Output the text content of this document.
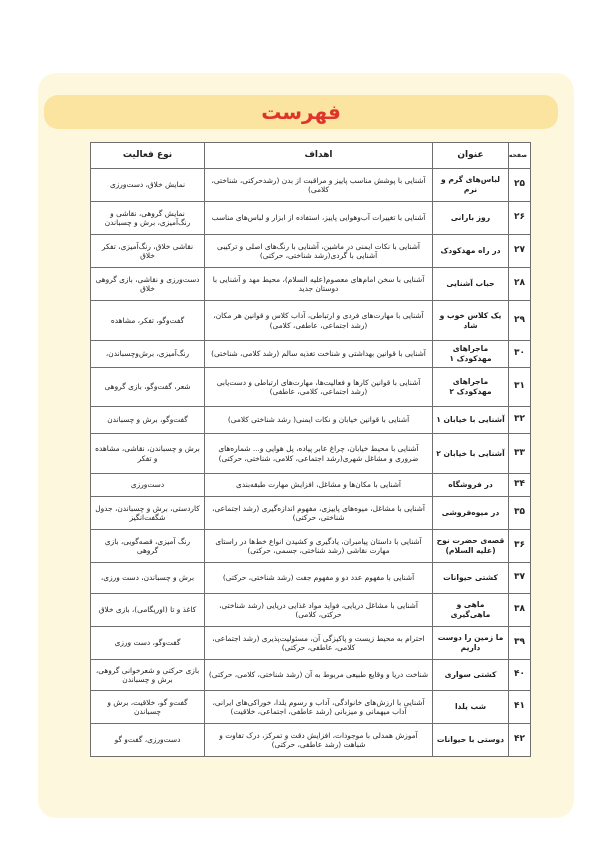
فهرست
صفحه	عنوان	اهداف	نوع فعالیت
۲۵	لباس‌های گرم و نرم	آشنایی با پوشش مناسب پاییز و مراقبت از بدن (رشدحرکتی، شناختی، کلامی)	نمایش خلاق، دست‌ورزی
۲۶	روز بارانی	آشنایی با تغییرات آب‌وهوایی پاییز، استفاده از ابزار و لباس‌های مناسب	نمایش گروهی، نقاشی و رنگ‌آمیزی، برش و چسباندن
۲۷	در راه مهدکودک	آشنایی با نکات ایمنی در ماشین، آشنایی با رنگ‌های اصلی و ترکیبی آشنایی با گردی(رشد شناختی، حرکتی)	نقاشی خلاق، رنگ‌آمیزی، تفکر خلاق
۲۸	حباب آشنایی	آشنایی با سخن امام‌های معصوم(علیه السلام)، محیط مهد و آشنایی با دوستان جدید	دست‌ورزی و نقاشی، بازی گروهی خلاق
۲۹	یک کلاس خوب و شاد	آشنایی با مهارت‌های فردی و ارتباطی، آداب کلاس و قوانین هر مکان، (رشد اجتماعی، عاطفی، کلامی)	گفت‌وگو، تفکر، مشاهده
۳۰	ماجراهای مهدکودک ۱	آشنایی با قوانین بهداشتی و شناخت تغذیه سالم (رشد کلامی، شناختی)	رنگ‌آمیزی، برش‌وچسباندن،
۳۱	ماجراهای مهدکودک ۲	آشنایی با قوانین کارها و فعالیت‌ها، مهارت‌های ارتباطی و دست‌یابی (رشد اجتماعی، کلامی، عاطفی)	شعر، گفت‌وگو، بازی گروهی
۳۲	آشنایی با خیابان ۱	آشنایی با قوانین خیابان و نکات ایمنی( رشد شناختی کلامی)	گفت‌وگو، برش و چسباندن
۳۳	آشنایی با خیابان ۲	آشنایی با محیط خیابان، چراغ عابر پیاده، پل هوایی و... شماره‌های ضروری و مشاغل شهری(رشد اجتماعی، کلامی، شناختی، حرکتی)	برش و چسباندن، نقاشی، مشاهده و تفکر
۳۴	در فروشگاه	آشنایی با مکان‌ها و مشاغل، افزایش مهارت طبقه‌بندی	دست‌ورزی
۳۵	در میوه‌فروشی	آشنایی با مشاغل، میوه‌های پاییزی، مفهوم اندازه‌گیری (رشد اجتماعی، شناختی، حرکتی)	کاردستی، برش و چسباندن، جدول شگفت‌انگیز
۳۶	قصه‌ی حضرت نوح (علیه السلام)	آشنایی با داستان پیامبران، یادگیری و کشیدن انواع خط‌ها در راستای مهارت نقاشی (رشد شناختی، جسمی، حرکتی)	رنگ آمیزی، قصه‌گویی، بازی گروهی
۳۷	کشتی حیوانات	آشنایی با مفهوم عدد دو و مفهوم جفت (رشد شناختی، حرکتی)	برش و چسباندن، دست ورزی،
۳۸	ماهی و ماهی‌گیری	آشنایی با مشاغل دریایی، فواید مواد غذایی دریایی (رشد شناختی، حرکتی، کلامی)	کاغذ و تا (اوریگامی)، بازی خلاق
۳۹	ما زمین را دوست داریم	احترام به محیط زیست و پاکیزگی آن، مسئولیت‌پذیری (رشد اجتماعی، کلامی، عاطفی، حرکتی)	گفت‌وگو، دست ورزی
۴۰	کشتی سواری	شناخت دریا و وقایع طبیعی مربوط به آن (رشد شناختی، کلامی، حرکتی)	بازی حرکتی و شعرخوانی گروهی، برش و چسباندن
۴۱	شب یلدا	آشنایی با ارزش‌های خانوادگی، آداب و رسوم یلدا، خوراکی‌های ایرانی، آداب میهمانی و میزبانی (رشد عاطفی، اجتماعی، خلاقیت)	گفت‌و گو، خلاقیت، برش و چسباندن
۴۲	دوستی با حیوانات	آموزش همدلی با موجودات، افزایش دقت و تمرکز، درک تفاوت و شباهت (رشد عاطفی، حرکتی)	دست‌ورزی، گفت‌و گو
